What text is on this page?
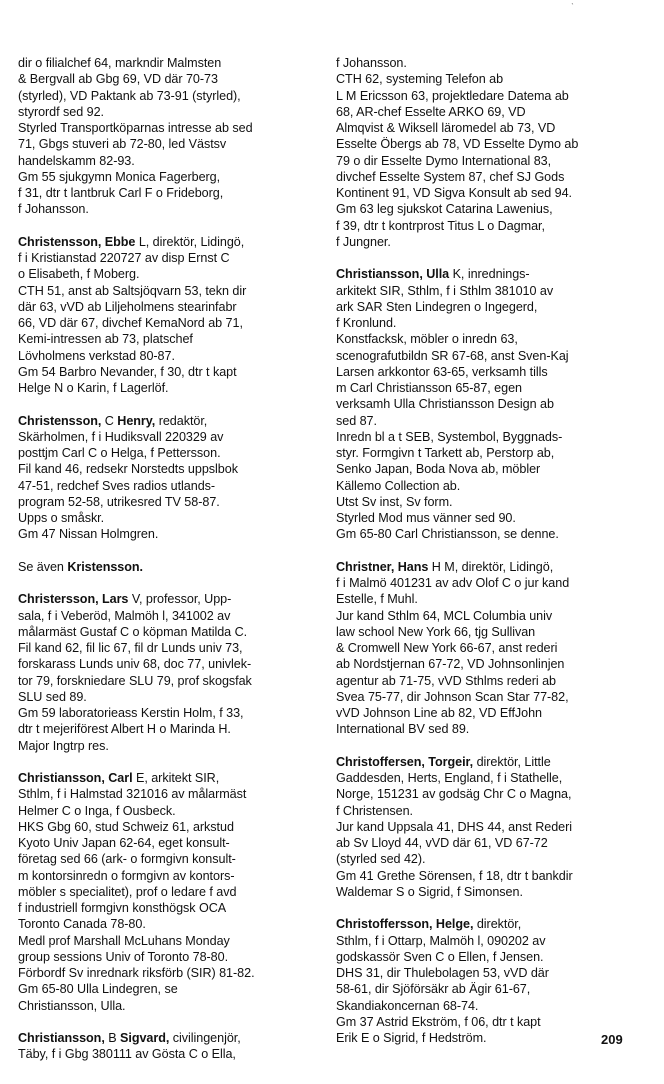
ˋ
dir o filialchef 64, markndir Malmsten
& Bergvall ab Gbg 69, VD där 70-73
(styrled), VD Paktank ab 73-91 (styrled),
styrordf sed 92.
Styrled Transportköparnas intresse ab sed
71, Gbgs stuveri ab 72-80, led Västsv
handelskamm 82-93.
Gm 55 sjukgymn Monica Fagerberg,
f 31, dtr t lantbruk Carl F o Frideborg,
f Johansson.
Christensson, Ebbe L, direktör, Lidingö,
f i Kristianstad 220727 av disp Ernst C
o Elisabeth, f Moberg.
CTH 51, anst ab Saltsjöqvarn 53, tekn dir
där 63, vVD ab Liljeholmens stearinfabr
66, VD där 67, divchef KemaNord ab 71,
Kemi-intressen ab 73, platschef
Lövholmens verkstad 80-87.
Gm 54 Barbro Nevander, f 30, dtr t kapt
Helge N o Karin, f Lagerlöf.
Christensson, C Henry, redaktör,
Skärholmen, f i Hudiksvall 220329 av
posttjm Carl C o Helga, f Pettersson.
Fil kand 46, redsekr Norstedts uppslbok
47-51, redchef Sves radios utlands-
program 52-58, utrikesred TV 58-87.
Upps o småskr.
Gm 47 Nissan Holmgren.
Se även Kristensson.
Christersson, Lars V, professor, Upp-
sala, f i Veberöd, Malmöh l, 341002 av
målarmäst Gustaf C o köpman Matilda C.
Fil kand 62, fil lic 67, fil dr Lunds univ 73,
forskarass Lunds univ 68, doc 77, univlek-
tor 79, forskniedare SLU 79, prof skogsfak
SLU sed 89.
Gm 59 laboratorieass Kerstin Holm, f 33,
dtr t mejeriförest Albert H o Marinda H.
Major Ingtrp res.
Christiansson, Carl E, arkitekt SIR,
Sthlm, f i Halmstad 321016 av målarmäst
Helmer C o Inga, f Ousbeck.
HKS Gbg 60, stud Schweiz 61, arkstud
Kyoto Univ Japan 62-64, eget konsult-
företag sed 66 (ark- o formgivn konsult-
m kontorsinredn o formgivn av kontors-
möbler s specialitet), prof o ledare f avd
f industriell formgivn konsthögsk OCA
Toronto Canada 78-80.
Medl prof Marshall McLuhans Monday
group sessions Univ of Toronto 78-80.
Förbordf Sv inrednark riksförb (SIR) 81-82.
Gm 65-80 Ulla Lindegren, se
Christiansson, Ulla.
Christiansson, B Sigvard, civilingenjör,
Täby, f i Gbg 380111 av Gösta C o Ella,
f Johansson.
CTH 62, systeming Telefon ab
L M Ericsson 63, projektledare Datema ab
68, AR-chef Esselte ARKO 69, VD
Almqvist & Wiksell läromedel ab 73, VD
Esselte Öbergs ab 78, VD Esselte Dymo ab
79 o dir Esselte Dymo International 83,
divchef Esselte System 87, chef SJ Gods
Kontinent 91, VD Sigva Konsult ab sed 94.
Gm 63 leg sjukskot Catarina Lawenius,
f 39, dtr t kontrprost Titus L o Dagmar,
f Jungner.
Christiansson, Ulla K, inrednings-
arkitekt SIR, Sthlm, f i Sthlm 381010 av
ark SAR Sten Lindegren o Ingegerd,
f Kronlund.
Konstfacksk, möbler o inredn 63,
scenografutbildn SR 67-68, anst Sven-Kaj
Larsen arkkontor 63-65, verksamh tills
m Carl Christiansson 65-87, egen
verksamh Ulla Christiansson Design ab
sed 87.
Inredn bl a t SEB, Systembol, Byggnads-
styr. Formgivn t Tarkett ab, Perstorp ab,
Senko Japan, Boda Nova ab, möbler
Källemo Collection ab.
Utst Sv inst, Sv form.
Styrled Mod mus vänner sed 90.
Gm 65-80 Carl Christiansson, se denne.
Christner, Hans H M, direktör, Lidingö,
f i Malmö 401231 av adv Olof C o jur kand
Estelle, f Muhl.
Jur kand Sthlm 64, MCL Columbia univ
law school New York 66, tjg Sullivan
& Cromwell New York 66-67, anst rederi
ab Nordstjernan 67-72, VD Johnsonlinjen
agentur ab 71-75, vVD Sthlms rederi ab
Svea 75-77, dir Johnson Scan Star 77-82,
vVD Johnson Line ab 82, VD EffJohn
International BV sed 89.
Christoffersen, Torgeir, direktör, Little
Gaddesden, Herts, England, f i Stathelle,
Norge, 151231 av godsäg Chr C o Magna,
f Christensen.
Jur kand Uppsala 41, DHS 44, anst Rederi
ab Sv Lloyd 44, vVD där 61, VD 67-72
(styrled sed 42).
Gm 41 Grethe Sörensen, f 18, dtr t bankdir
Waldemar S o Sigrid, f Simonsen.
Christoffersson, Helge, direktör,
Sthlm, f i Ottarp, Malmöh l, 090202 av
godskassör Sven C o Ellen, f Jensen.
DHS 31, dir Thulebolagen 53, vVD där
58-61, dir Sjöförsäkr ab Ägir 61-67,
Skandiakoncernan 68-74.
Gm 37 Astrid Ekström, f 06, dtr t kapt
Erik E o Sigrid, f Hedström.	209
